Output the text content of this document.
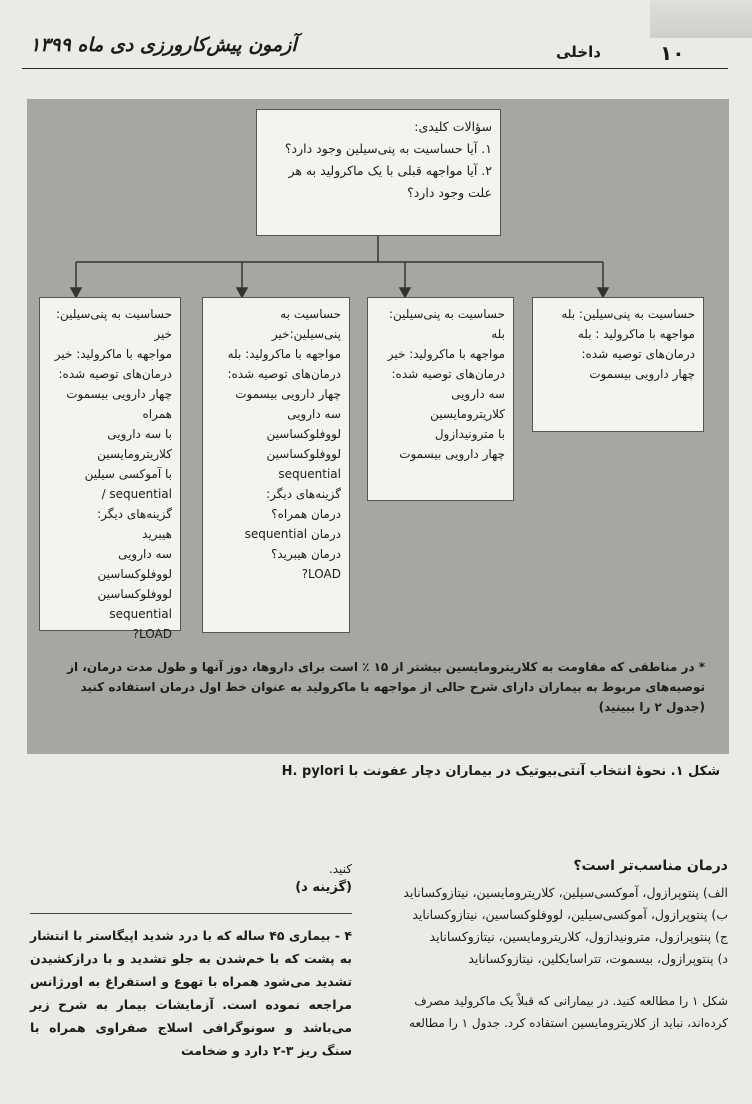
آزمون پیش‌کارورزی دی ماه ۱۳۹۹	داخلی	۱۰
سؤالات کلیدی:
۱. آیا حساسیت به پنی‌سیلین وجود دارد؟
۲. آیا مواجهه قبلی با یک ماکرولید به هر علت وجود دارد؟
حساسیت به پنی‌سیلین: بله
مواجهه با ماکرولید : بله
درمان‌های توصیه شده:
چهار دارویی بیسموت
حساسیت به پنی‌سیلین: بله
مواجهه با ماکرولید: خیر
درمان‌های توصیه شده:
سه دارویی کلاریترومایسین
با مترونیدازول
چهار دارویی بیسموت
حساسیت به پنی‌سیلین:خیر
مواجهه با ماکرولید: بله
درمان‌های توصیه شده:
چهار دارویی بیسموت
سه دارویی لووفلوکساسین
لووفلوکساسین
sequential
گزینه‌های دیگر:
درمان همراه؟
درمان sequential
درمان هیبرید؟
LOAD?
حساسیت به پنی‌سیلین: خیر
مواجهه با ماکرولید: خیر
درمان‌های توصیه شده:
چهار دارویی بیسموت همراه
با سه دارویی کلاریترومایسین
با آموکسی سیلین
sequential /
گزینه‌های دیگر:
هیبرید
سه دارویی لووفلوکساسین
لووفلوکساسین
sequential
LOAD?
* در مناطقی که مقاومت به کلاریترومایسین بیشتر از ۱۵ ٪ است برای داروها، دوز آنها و طول مدت درمان، از توصیه‌های مربوط به بیماران دارای شرح حالی از مواجهه با ماکرولید به عنوان خط اول درمان استفاده کنید (جدول ۲ را ببینید)
شکل ۱. نحوهٔ انتخاب آنتی‌بیوتیک در بیماران دچار عفونت با H. pylori
درمان مناسب‌تر است؟
الف) پنتوپرازول، آموکسی‌سیلین، کلاریترومایسین، نیتازوکساناید
ب) پنتوپرازول، آموکسی‌سیلین، لووفلوکساسین، نیتازوکساناید
ج) پنتوپرازول، مترونیدازول، کلاریترومایسین، نیتازوکساناید
د) پنتوپرازول، بیسموت، تتراسایکلین، نیتازوکساناید
شکل ۱ را مطالعه کنید. در بیمارانی که قبلاً یک ماکرولید مصرف کرده‌اند، نباید از کلاریترومایسین استفاده کرد. جدول ۱ را مطالعه
کنید.
(گزینه د)
۴ - بیماری ۴۵ ساله که با درد شدید اپیگاستر با انتشار به پشت که با خم‌شدن به جلو تشدید و با درازکشیدن تشدید می‌شود همراه با تهوع و استفراغ به اورژانس مراجعه نموده است. آزمایشات بیمار به شرح زیر می‌باشد و سونوگرافی اسلاج صفراوی همراه با سنگ ریز ۳-۲ دارد و ضخامت
